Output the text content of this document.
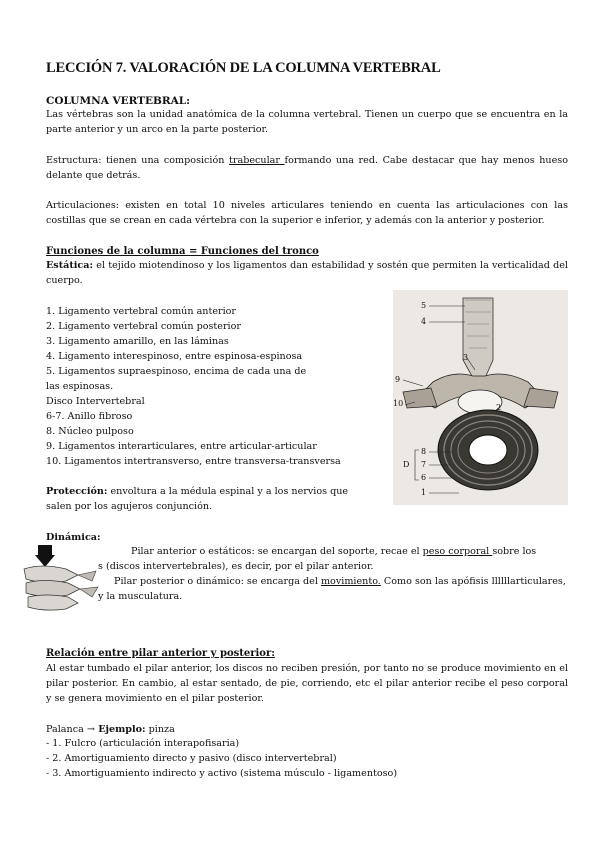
LECCIÓN 7. VALORACIÓN DE LA COLUMNA VERTEBRAL
COLUMNA VERTEBRAL:
Las vértebras son la unidad anatómica de la columna vertebral. Tienen un cuerpo que se encuentra en la parte anterior y un arco en la parte posterior.
Estructura: tienen una composición trabecular formando una red. Cabe destacar que hay menos hueso delante que detrás.
Articulaciones: existen en total 10 niveles articulares teniendo en cuenta las articulaciones con las costillas que se crean en cada vértebra con la superior e inferior, y además con la anterior y posterior.
Funciones de la columna = Funciones del tronco
Estática: el tejido miotendinoso y los ligamentos dan estabilidad y sostén que permiten la verticalidad del cuerpo.
1. Ligamento vertebral común anterior
2. Ligamento vertebral común posterior
3. Ligamento amarillo, en las láminas
4. Ligamento interespinoso, entre espinosa-espinosa
5. Ligamentos supraespinoso, encima de cada una de
las espinosas.
Disco Intervertebral
6-7. Anillo fibroso
8. Núcleo pulposo
9. Ligamentos interarticulares, entre articular-articular
10. Ligamentos intertransverso, entre transversa-transversa
Protección: envoltura a la médula espinal y a los nervios que
salen por los agujeros conjunción.
5
4
3
9
10	2
8
7
6
1
D
Dinámica:
Pilar anterior o estáticos: se encargan del soporte, recae el peso corporal sobre los
s (discos intervertebrales), es decir, por el pilar anterior.
Pilar posterior o dinámico: se encarga del movimiento. Como son las apófisis llllllarticulares,
y la musculatura.
Relación entre pilar anterior y posterior:
Al estar tumbado el pilar anterior, los discos no reciben presión, por tanto no se produce movimiento en el pilar posterior. En cambio, al estar sentado, de pie, corriendo, etc el pilar anterior recibe el peso corporal y se genera movimiento en el pilar posterior.
Palanca → Ejemplo: pinza
- 1. Fulcro (articulación interapofisaria)
- 2. Amortiguamiento directo y pasivo (disco intervertebral)
- 3. Amortiguamiento indirecto y activo (sistema músculo - ligamentoso)
